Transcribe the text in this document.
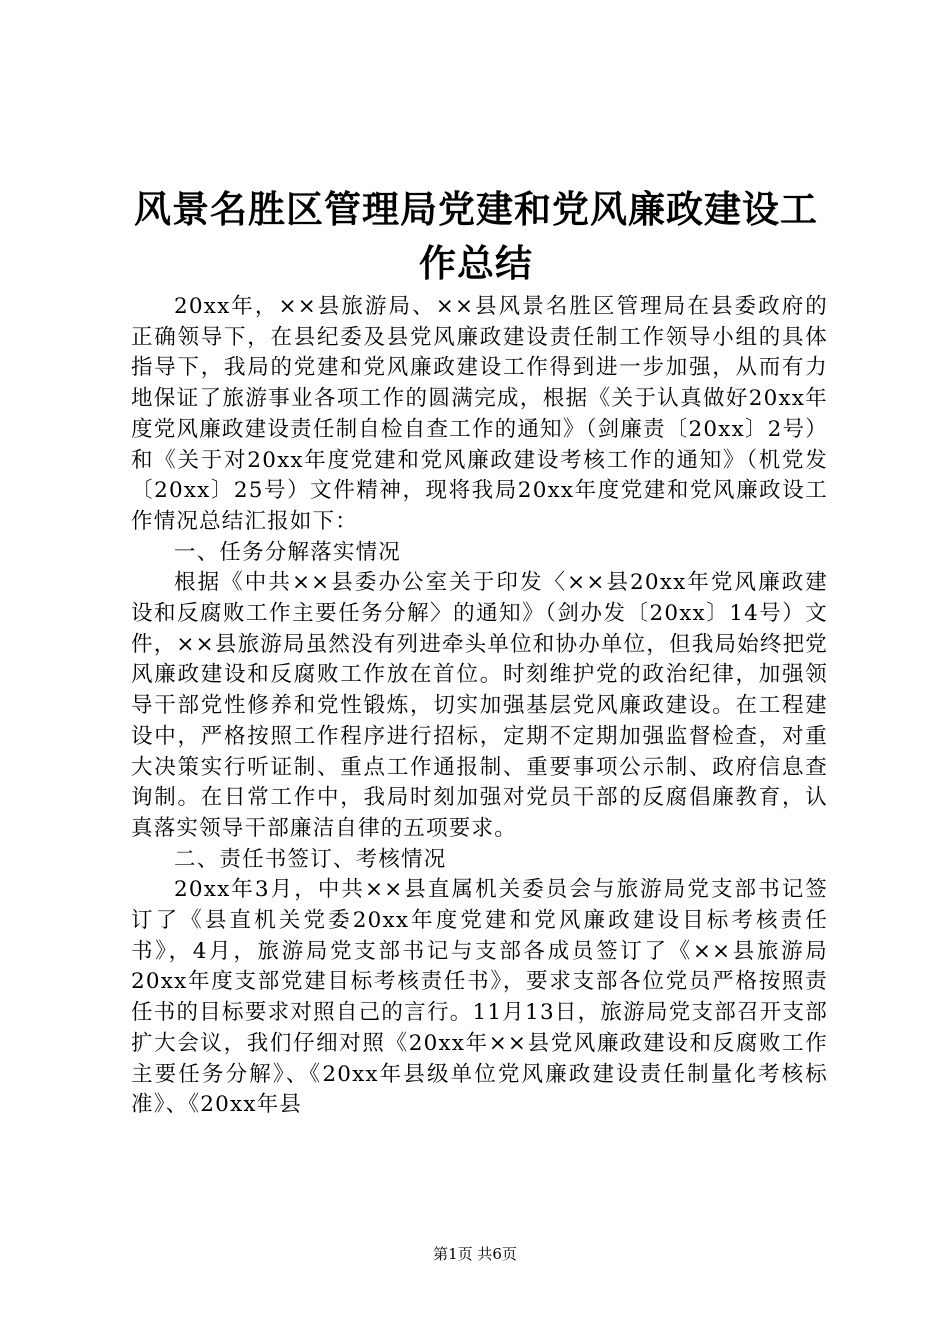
风景名胜区管理局党建和党风廉政建设工作总结

20xx年，××县旅游局、××县风景名胜区管理局在县委政府的正确领导下，在县纪委及县党风廉政建设责任制工作领导小组的具体指导下，我局的党建和党风廉政建设工作得到进一步加强，从而有力地保证了旅游事业各项工作的圆满完成，根据《关于认真做好20xx年度党风廉政建设责任制自检自查工作的通知》（剑廉责〔20xx〕2号）和《关于对20xx年度党建和党风廉政建设考核工作的通知》（机党发〔20xx〕25号）文件精神，现将我局20xx年度党建和党风廉政设工作情况总结汇报如下：

一、任务分解落实情况

根据《中共××县委办公室关于印发〈××县20xx年党风廉政建设和反腐败工作主要任务分解〉的通知》（剑办发〔20xx〕14号）文件，××县旅游局虽然没有列进牵头单位和协办单位，但我局始终把党风廉政建设和反腐败工作放在首位。时刻维护党的政治纪律，加强领导干部党性修养和党性锻炼，切实加强基层党风廉政建设。在工程建设中，严格按照工作程序进行招标，定期不定期加强监督检查，对重大决策实行听证制、重点工作通报制、重要事项公示制、政府信息查询制。在日常工作中，我局时刻加强对党员干部的反腐倡廉教育，认真落实领导干部廉洁自律的五项要求。

二、责任书签订、考核情况

20xx年3月，中共××县直属机关委员会与旅游局党支部书记签订了《县直机关党委20xx年度党建和党风廉政建设目标考核责任书》，4月，旅游局党支部书记与支部各成员签订了《××县旅游局20xx年度支部党建目标考核责任书》，要求支部各位党员严格按照责任书的目标要求对照自己的言行。11月13日，旅游局党支部召开支部扩大会议，我们仔细对照《20xx年××县党风廉政建设和反腐败工作主要任务分解》、《20xx年县级单位党风廉政建设责任制量化考核标准》、《20xx年县

第1页 共6页
